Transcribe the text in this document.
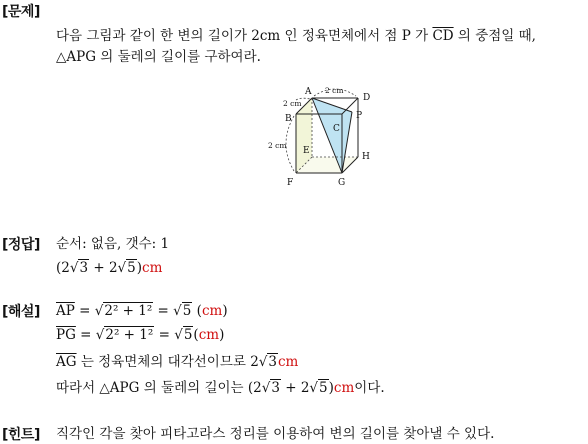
[문제]
다음 그림과 같이 한 변의 길이가 2cm 인 정육면체에서 점 P 가 $\overline{CD}$ 의 중점일 때,
△APG 의 둘레의 길이를 구하여라.
A
D
B
C
P
E
H
F	G
2 cm
2 cm
2 cm
[정답] 순서: 없음, 갯수: 1
(2√3 + 2√5)cm
[해설] $\overline{AP} = √2^2 + 1^2 = √5$ (cm)
$\overline{PG} = √2^2 + 1^2 = √5(cm)$
$\overline{AG}$ 는 정육면체의 대각선이므로 2√3cm
따라서 △APG 의 둘레의 길이는 (2√3 + 2√5)cm이다.
[힌트] 직각인 각을 찾아 피타고라스 정리를 이용하여 변의 길이를 찾아낼 수 있다.
